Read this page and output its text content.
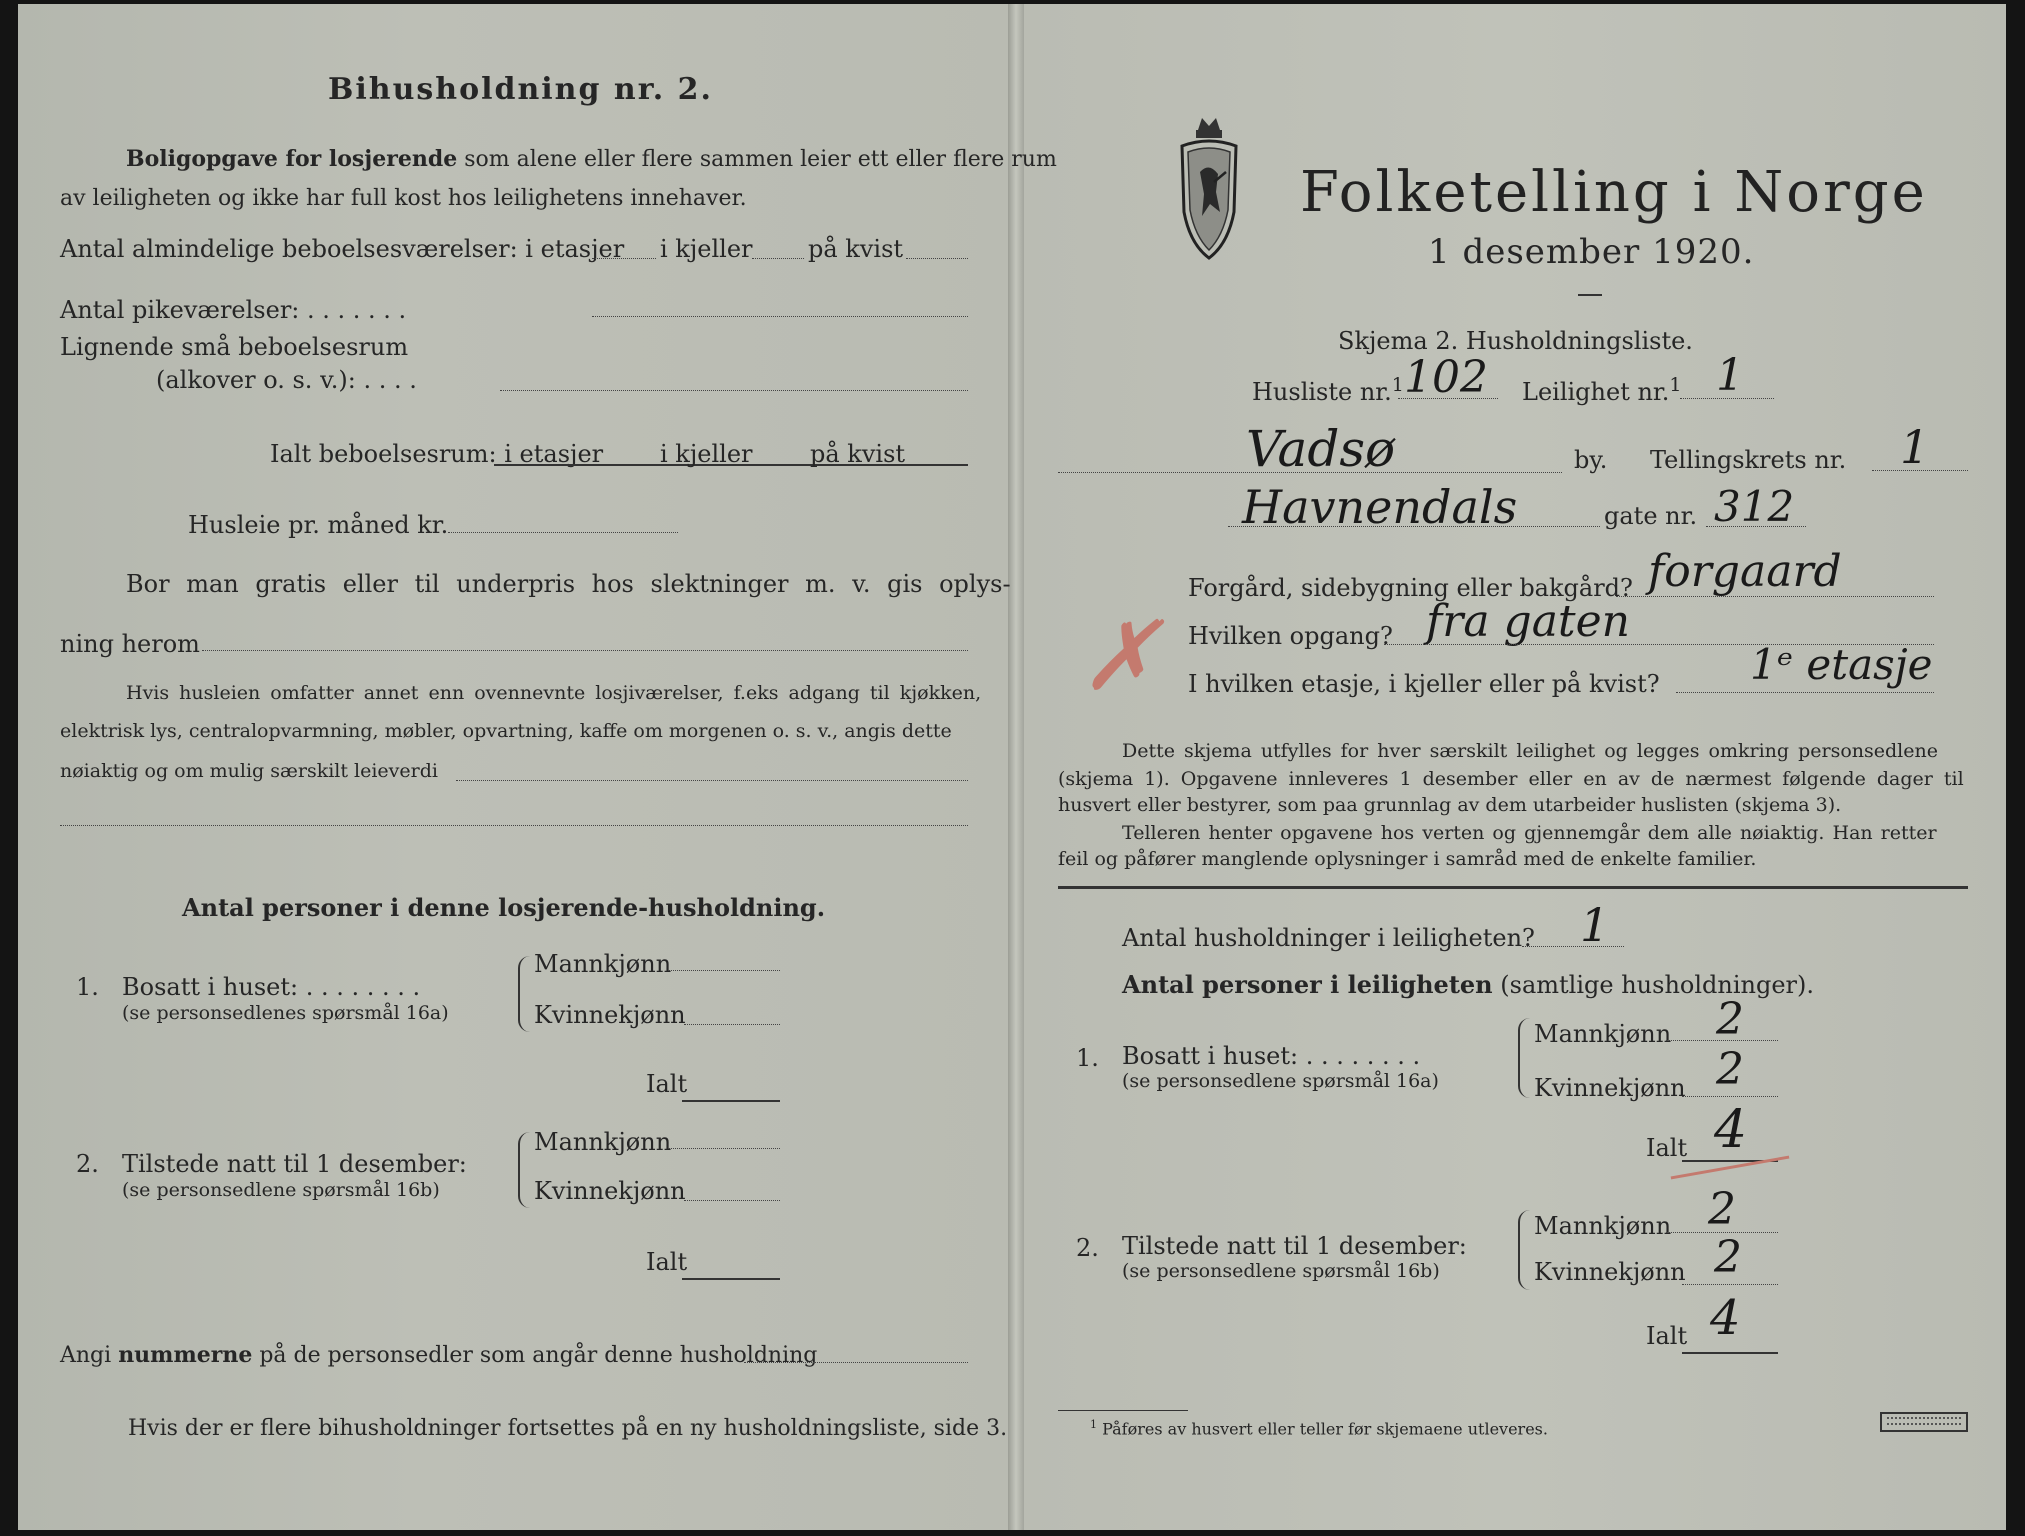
Bihusholdning nr. 2.
Boligopgave for losjerende som alene eller flere sammen leier ett eller flere rum
av leiligheten og ikke har full kost hos leilighetens innehaver.
Antal almindelige beboelsesværelser: i etasjer i kjeller på kvist
Antal pikeværelser: . . . . . . .
Lignende små beboelsesrum
(alkover o. s. v.): . . . .
Ialt beboelsesrum: i etasjer i kjeller på kvist
Husleie pr. måned kr.
Bor man gratis eller til underpris hos slektninger m. v. gis oplys-
ning herom
Hvis husleien omfatter annet enn ovennevnte losjiværelser, f.eks adgang til kjøkken,
elektrisk lys, centralopvarmning, møbler, opvartning, kaffe om morgenen o. s. v., angis dette
nøiaktig og om mulig særskilt leieverdi
Antal personer i denne losjerende-husholdning.
1. Bosatt i huset: . . . . . . . .
(se personsedlenes spørsmål 16a)
Mannkjønn
Kvinnekjønn
Ialt
2. Tilstede natt til 1 desember:
(se personsedlene spørsmål 16b)
Mannkjønn
Kvinnekjønn
Ialt
Angi nummerne på de personsedler som angår denne husholdning
Hvis der er flere bihusholdninger fortsettes på en ny husholdningsliste, side 3.
Folketelling i Norge
1 desember 1920.
Skjema 2. Husholdningsliste.
Husliste nr.$^1$ 102 Leilighet nr.$^1$ 1
Vadsø	by. Tellingskrets nr. 1
Havnendals	gate nr. 312
Forgård, sidebygning eller bakgård? forgaard
Hvilken opgang? fra gaten
I hvilken etasje, i kjeller eller på kvist? 1ᵉ etasje
✗
Dette skjema utfylles for hver særskilt leilighet og legges omkring personsedlene
(skjema 1). Opgavene innleveres 1 desember eller en av de nærmest følgende dager til
husvert eller bestyrer, som paa grunnlag av dem utarbeider huslisten (skjema 3).
Telleren henter opgavene hos verten og gjennemgår dem alle nøiaktig. Han retter
feil og påfører manglende oplysninger i samråd med de enkelte familier.
Antal husholdninger i leiligheten? 1
Antal personer i leiligheten (samtlige husholdninger).
1. Bosatt i huset: . . . . . . . .
(se personsedlene spørsmål 16a)
Mannkjønn 2
Kvinnekjønn 2
Ialt 4
2. Tilstede natt til 1 desember:
(se personsedlene spørsmål 16b)
Mannkjønn 2
Kvinnekjønn 2
Ialt 4
$^1$ Påføres av husvert eller teller før skjemaene utleveres.
